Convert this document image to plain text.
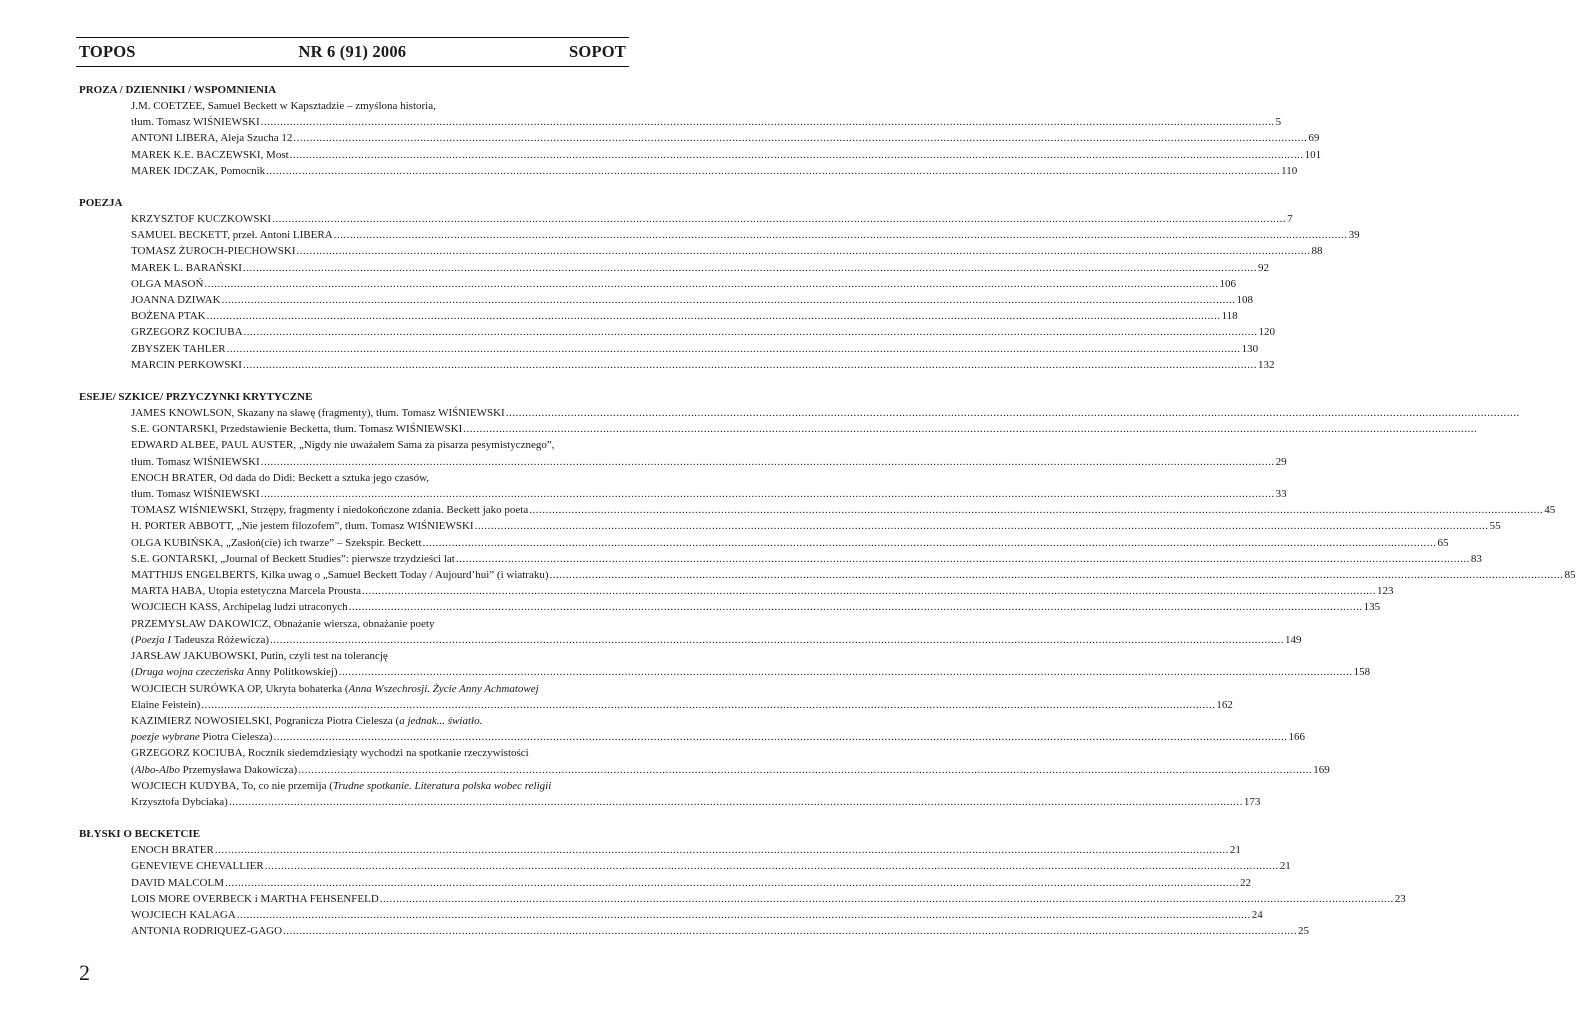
TOPOS	NR 6 (91) 2006	SOPOT
PROZA / DZIENNIKI / WSPOMNIENIA
J.M. COETZEE, Samuel Beckett w Kapsztadzie – zmyślona historia,
tłum. Tomasz WIŚNIEWSKI .....	5
ANTONI LIBERA, Aleja Szucha 12 .....	69
MAREK K.E. BACZEWSKI, Most .....	101
MAREK IDCZAK, Pomocnik .....	110
POEZJA
KRZYSZTOF KUCZKOWSKI .....	7
SAMUEL BECKETT, przeł. Antoni LIBERA .....	39
TOMASZ ŻUROCH-PIECHOWSKI .....	88
MAREK L. BARAŃSKI .....	92
OLGA MASOŃ .....	106
JOANNA DZIWAK .....	108
BOŻENA PTAK .....	118
GRZEGORZ KOCIUBA .....	120
ZBYSZEK TAHLER .....	130
MARCIN PERKOWSKI .....	132
ESEJE/ SZKICE/ PRZYCZYNKI KRYTYCZNE
JAMES KNOWLSON, Skazany na sławę (fragmenty), tłum. Tomasz WIŚNIEWSKI
.....
S.E. GONTARSKI, Przedstawienie Becketta, tłum. Tomasz WIŚNIEWSKI
.....
EDWARD ALBEE, PAUL AUSTER, „Nigdy nie uważałem Sama za pisarza pesymistycznego”,
tłum. Tomasz WIŚNIEWSKI .....	29
ENOCH BRATER, Od dada do Didi: Beckett a sztuka jego czasów,
tłum. Tomasz WIŚNIEWSKI .....	33
TOMASZ WIŚNIEWSKI, Strzępy, fragmenty i niedokończone zdania. Beckett jako poeta .....	45
H. PORTER ABBOTT, „Nie jestem filozofem”, tłum. Tomasz WIŚNIEWSKI .....	55
OLGA KUBIŃSKA, „Zasłoń(cie) ich twarze” – Szekspir. Beckett .....	65
S.E. GONTARSKI, „Journal of Beckett Studies”: pierwsze trzydzieści lat .....	83
MATTHIJS ENGELBERTS, Kilka uwag o „Samuel Beckett Today / Aujourd’hui” (i wiatraku) .....	85
MARTA HABA, Utopia estetyczna Marcela Prousta .....	123
WOJCIECH KASS, Archipelag ludzi utraconych .....	135
PRZEMYSŁAW DAKOWICZ, Obnażanie wiersza, obnażanie poety
(Poezja I Tadeusza Różewicza) .....	149
JARSŁAW JAKUBOWSKI, Putin, czyli test na tolerancję
(Druga wojna czeczeńska Anny Politkowskiej) .....	158
WOJCIECH SURÓWKA OP, Ukryta bohaterka (Anna Wszechrosji. Życie Anny Achmatowej
Elaine Feistein) .....	162
KAZIMIERZ NOWOSIELSKI, Pogranicza Piotra Cielesza (a jednak... światło.
poezje wybrane Piotra Cielesza) .....	166
GRZEGORZ KOCIUBA, Rocznik siedemdziesiąty wychodzi na spotkanie rzeczywistości
(Albo-Albo Przemysława Dakowicza) .....	169
WOJCIECH KUDYBA, To, co nie przemija (Trudne spotkanie. Literatura polska wobec religii
Krzysztofa Dybciaka) .....	173
BŁYSKI O BECKETCIE
ENOCH BRATER .....	21
GENEVIEVE CHEVALLIER .....	21
DAVID MALCOLM .....	22
LOIS MORE OVERBECK i MARTHA FEHSENFELD .....	23
WOJCIECH KALAGA .....	24
ANTONIA RODRIQUEZ-GAGO .....	25
2
